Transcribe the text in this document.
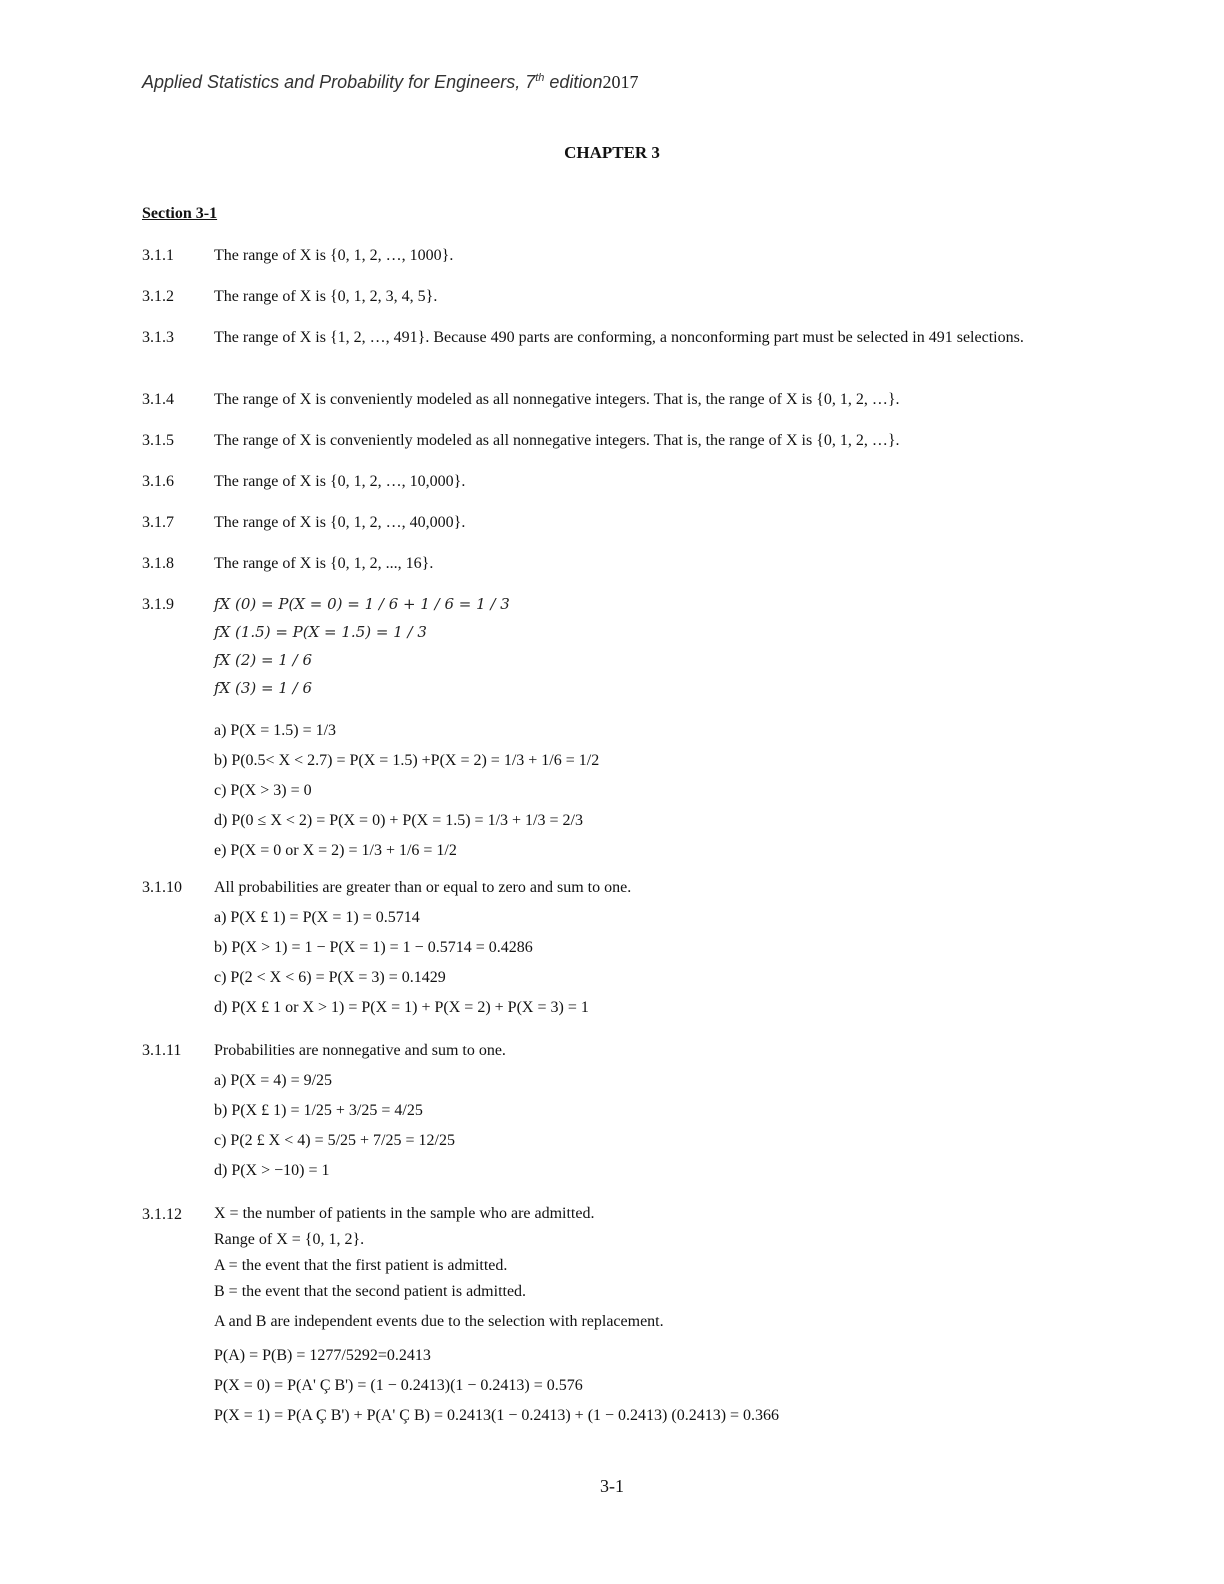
Applied Statistics and Probability for Engineers, 7th edition2017
CHAPTER 3
Section 3-1
3.1.1	The range of X is {0, 1, 2, …, 1000}.
3.1.2	The range of X is {0, 1, 2, 3, 4, 5}.
3.1.3	The range of X is {1, 2, …, 491}. Because 490 parts are conforming, a nonconforming part must be selected in 491 selections.
3.1.4	The range of X is conveniently modeled as all nonnegative integers. That is, the range of X is {0, 1, 2, …}.
3.1.5	The range of X is conveniently modeled as all nonnegative integers. That is, the range of X is {0, 1, 2, …}.
3.1.6	The range of X is {0, 1, 2, …, 10,000}.
3.1.7	The range of X is {0, 1, 2, …, 40,000}.
3.1.8	The range of X is {0, 1, 2, ..., 16}.
3.1.9	fX (0) = P(X = 0) = 1 / 6 + 1 / 6 = 1 / 3
fX (1.5) = P(X = 1.5) = 1 / 3
fX (2) = 1 / 6
fX (3) = 1 / 6
a) P(X = 1.5) = 1/3
b) P(0.5< X < 2.7) = P(X = 1.5) +P(X = 2) = 1/3 + 1/6 = 1/2
c) P(X > 3) = 0
d) P(0 ≤ X < 2) = P(X = 0) + P(X = 1.5) = 1/3 + 1/3 = 2/3
e) P(X = 0 or X = 2) = 1/3 + 1/6 = 1/2
3.1.10	All probabilities are greater than or equal to zero and sum to one.
a) P(X £ 1) = P(X = 1) = 0.5714
b) P(X > 1) = 1 − P(X = 1) = 1 − 0.5714 = 0.4286
c) P(2 < X < 6) = P(X = 3) = 0.1429
d) P(X £ 1 or X > 1) = P(X = 1) + P(X = 2) + P(X = 3) = 1
3.1.11	Probabilities are nonnegative and sum to one.
a) P(X = 4) = 9/25
b) P(X £ 1) = 1/25 + 3/25 = 4/25
c) P(2 £ X < 4) = 5/25 + 7/25 = 12/25
d) P(X > −10) = 1
3.1.12	X = the number of patients in the sample who are admitted.
Range of X = {0, 1, 2}.
A = the event that the first patient is admitted.
B = the event that the second patient is admitted.
A and B are independent events due to the selection with replacement.
P(A) = P(B) = 1277/5292=0.2413
P(X = 0) = P(A' Ç B') = (1 − 0.2413)(1 − 0.2413) = 0.576
P(X = 1) = P(A Ç B') + P(A' Ç B) = 0.2413(1 − 0.2413) + (1 − 0.2413) (0.2413) = 0.366
3-1
